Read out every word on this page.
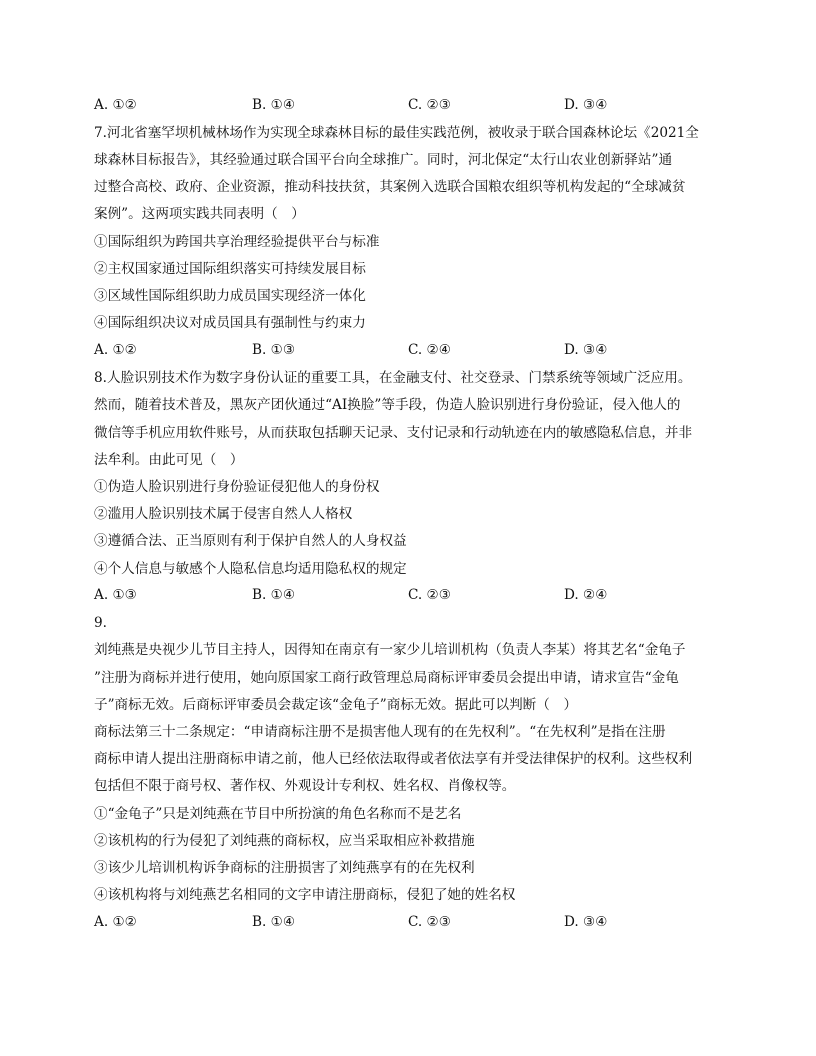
A. ①②	B. ①④	C. ②③	D. ③④
7.河北省塞罕坝机械林场作为实现全球森林目标的最佳实践范例，被收录于联合国森林论坛《2021全
球森林目标报告》，其经验通过联合国平台向全球推广。同时，河北保定“太行山农业创新驿站”通
过整合高校、政府、企业资源，推动科技扶贫，其案例入选联合国粮农组织等机构发起的“全球减贫
案例”。这两项实践共同表明（　）
①国际组织为跨国共享治理经验提供平台与标准
②主权国家通过国际组织落实可持续发展目标
③区域性国际组织助力成员国实现经济一体化
④国际组织决议对成员国具有强制性与约束力
A. ①②	B. ①③	C. ②④	D. ③④
8.人脸识别技术作为数字身份认证的重要工具，在金融支付、社交登录、门禁系统等领域广泛应用。
然而，随着技术普及，黑灰产团伙通过“AI换脸”等手段，伪造人脸识别进行身份验证，侵入他人的
微信等手机应用软件账号，从而获取包括聊天记录、支付记录和行动轨迹在内的敏感隐私信息，并非
法牟利。由此可见（　）
①伪造人脸识别进行身份验证侵犯他人的身份权
②滥用人脸识别技术属于侵害自然人人格权
③遵循合法、正当原则有利于保护自然人的人身权益
④个人信息与敏感个人隐私信息均适用隐私权的规定
A. ①③	B. ①④	C. ②③	D. ②④
9.
刘纯燕是央视少儿节目主持人，因得知在南京有一家少儿培训机构（负责人李某）将其艺名“金龟子
”注册为商标并进行使用，她向原国家工商行政管理总局商标评审委员会提出申请，请求宣告“金龟
子”商标无效。后商标评审委员会裁定该“金龟子”商标无效。据此可以判断（　）
商标法第三十二条规定：“申请商标注册不是损害他人现有的在先权利”。“在先权利”是指在注册
商标申请人提出注册商标申请之前，他人已经依法取得或者依法享有并受法律保护的权利。这些权利
包括但不限于商号权、著作权、外观设计专利权、姓名权、肖像权等。
①“金龟子”只是刘纯燕在节目中所扮演的角色名称而不是艺名
②该机构的行为侵犯了刘纯燕的商标权，应当采取相应补救措施
③该少儿培训机构诉争商标的注册损害了刘纯燕享有的在先权利
④该机构将与刘纯燕艺名相同的文字申请注册商标，侵犯了她的姓名权
A. ①②	B. ①④	C. ②③	D. ③④
